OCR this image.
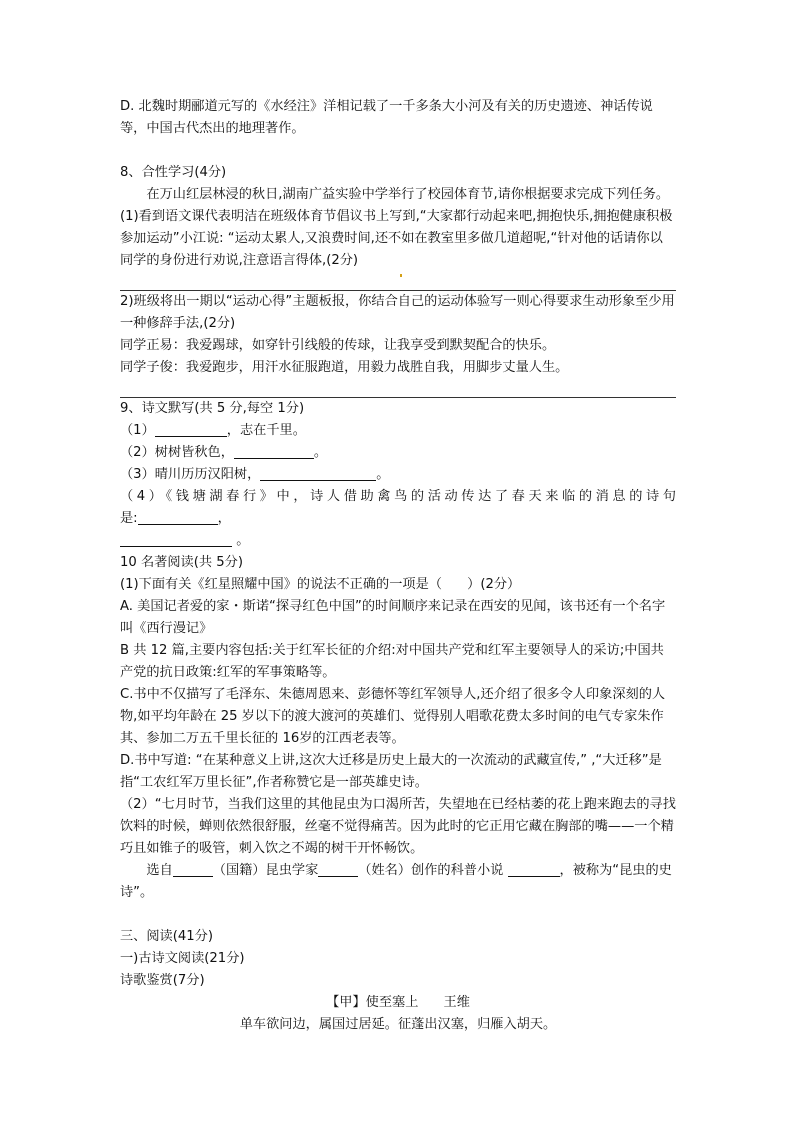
D. 北魏时期郦道元写的《水经注》洋相记载了一千多条大小河及有关的历史遗迹、神话传说等，中国古代杰出的地理著作。

8、合性学习(4分)

在万山红层林浸的秋日,湖南广益实验中学举行了校园体育节,请你根据要求完成下列任务。

(1)看到语文课代表明洁在班级体育节倡议书上写到,“大家都行动起来吧,拥抱快乐,拥抱健康积极参加运动”小江说: “运动太累人,又浪费时间,还不如在教室里多做几道超呢,“针对他的话请你以同学的身份进行劝说,注意语言得体,(2分)

2)班级将出一期以“运动心得”主题板报，你结合自己的运动体验写一则心得要求生动形象至少用一种修辞手法,(2分)

同学正易：我爱踢球，如穿针引线般的传球，让我享受到默契配合的快乐。

同学子俊：我爱跑步，用汗水征服跑道，用毅力战胜自我，用脚步丈量人生。

9、诗文默写(共 5 分,每空 1分)

（1）	，志在千里。

（2）树树皆秋色，	。

（3）晴川历历汉阳树，	。

（4）《钱塘湖春行》中，诗人借助禽鸟的活动传达了春天来临的消息的诗句

是:	，

。

10 名著阅读(共 5分)

(1)下面有关《红星照耀中国》的说法不正确的一项是（      ）(2分）

A. 美国记者爱的家・斯诺“探寻红色中国”的时间顺序来记录在西安的见闻，该书还有一个名字叫《西行漫记》

B 共 12 篇,主要内容包括:关于红军长征的介绍:对中国共产党和红军主要领导人的采访;中国共产党的抗日政策:红军的军事策略等。

C.书中不仅描写了毛泽东、朱德周恩来、彭德怀等红军领导人,还介绍了很多令人印象深刻的人物,如平均年龄在 25 岁以下的渡大渡河的英雄们、觉得别人唱歌花费太多时间的电气专家朱作其、参加二万五千里长征的 16岁的江西老表等。

D.书中写道: “在某种意义上讲,这次大迁移是历史上最大的一次流动的武藏宣传,” ,“大迁移”是指“工农红军万里长征”,作者称赞它是一部英雄史诗。

（2）“七月时节，当我们这里的其他昆虫为口渴所苦，失望地在已经枯萎的花上跑来跑去的寻找饮料的时候，蝉则依然很舒服，丝毫不觉得痛苦。因为此时的它正用它藏在胸部的嘴——一个精巧且如锥子的吸管，刺入饮之不竭的树干开怀畅饮。

选自	（国籍）昆虫学家	（姓名）创作的科普小说	，被称为“昆虫的史诗”。

三、阅读(41分)

一)古诗文阅读(21分)

诗歌鉴赏(7分)

【甲】使至塞上 王维

单车欲问边，属国过居延。征蓬出汉塞，归雁入胡天。
